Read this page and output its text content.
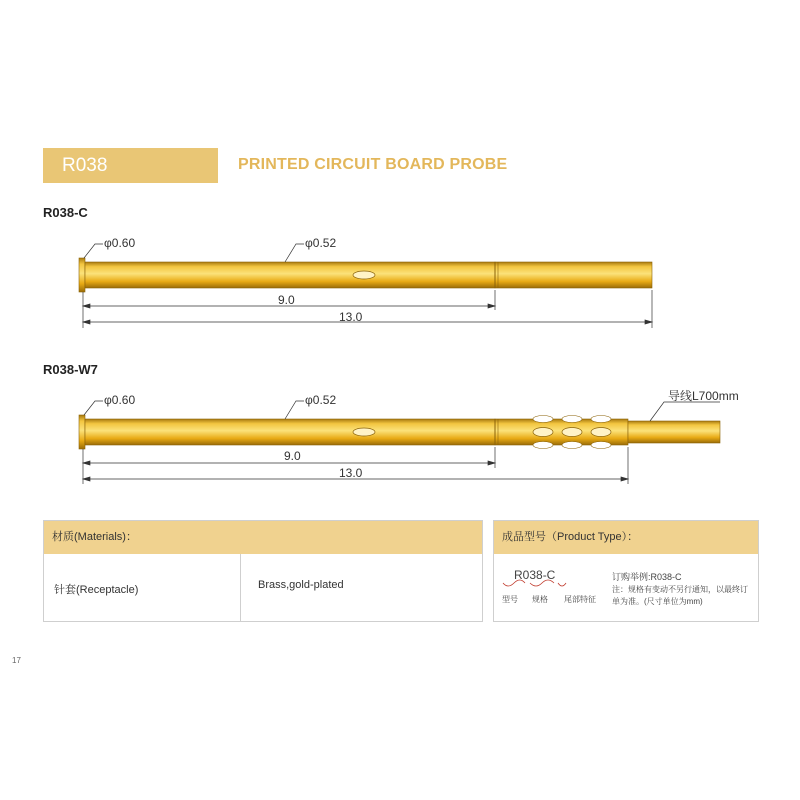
R038	PRINTED CIRCUIT BOARD PROBE
R038-C
φ0.60	φ0.52
9.0
13.0
R038-W7
φ0.60	φ0.52
9.0
13.0
导线L700mm
材质(Materials)：
针套(Receptacle)	Brass,gold-plated
成品型号（Product Type）：
R038-C
型号 规格 尾部特征
订购举例:R038-C
注：规格有变动不另行通知，以最终订单为准。(尺寸单位为mm)
17
